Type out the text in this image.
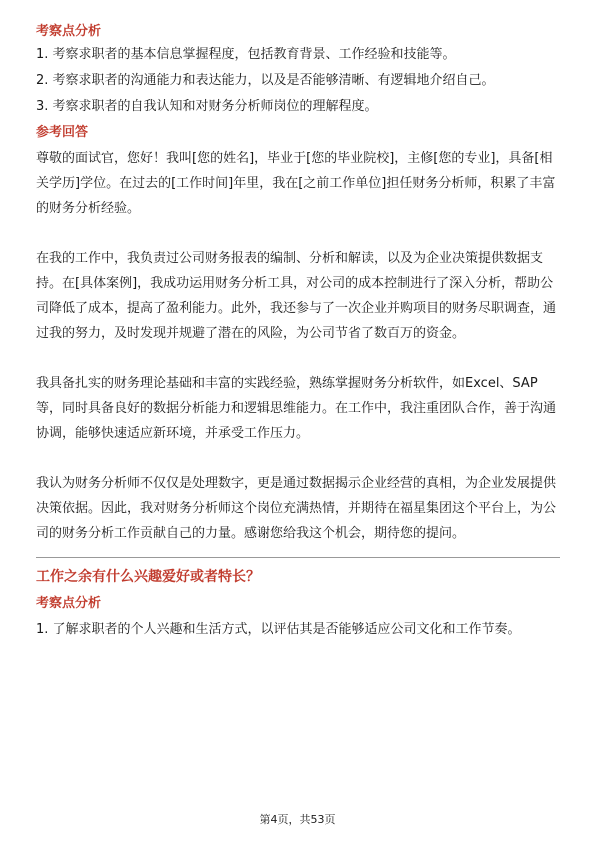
考察点分析
1. 考察求职者的基本信息掌握程度，包括教育背景、工作经验和技能等。
2. 考察求职者的沟通能力和表达能力，以及是否能够清晰、有逻辑地介绍自己。
3. 考察求职者的自我认知和对财务分析师岗位的理解程度。
参考回答

尊敬的面试官，您好！我叫[您的姓名]，毕业于[您的毕业院校]，主修[您的专业]，具备[相关学历]学位。在过去的[工作时间]年里，我在[之前工作单位]担任财务分析师，积累了丰富的财务分析经验。

在我的工作中，我负责过公司财务报表的编制、分析和解读，以及为企业决策提供数据支持。在[具体案例]，我成功运用财务分析工具，对公司的成本控制进行了深入分析，帮助公司降低了成本，提高了盈利能力。此外，我还参与了一次企业并购项目的财务尽职调查，通过我的努力，及时发现并规避了潜在的风险，为公司节省了数百万的资金。

我具备扎实的财务理论基础和丰富的实践经验，熟练掌握财务分析软件，如Excel、SAP等，同时具备良好的数据分析能力和逻辑思维能力。在工作中，我注重团队合作，善于沟通协调，能够快速适应新环境，并承受工作压力。

我认为财务分析师不仅仅是处理数字，更是通过数据揭示企业经营的真相，为企业发展提供决策依据。因此，我对财务分析师这个岗位充满热情，并期待在福星集团这个平台上，为公司的财务分析工作贡献自己的力量。感谢您给我这个机会，期待您的提问。

工作之余有什么兴趣爱好或者特长？
考察点分析
1. 了解求职者的个人兴趣和生活方式，以评估其是否能够适应公司文化和工作节奏。
第4页，共53页
